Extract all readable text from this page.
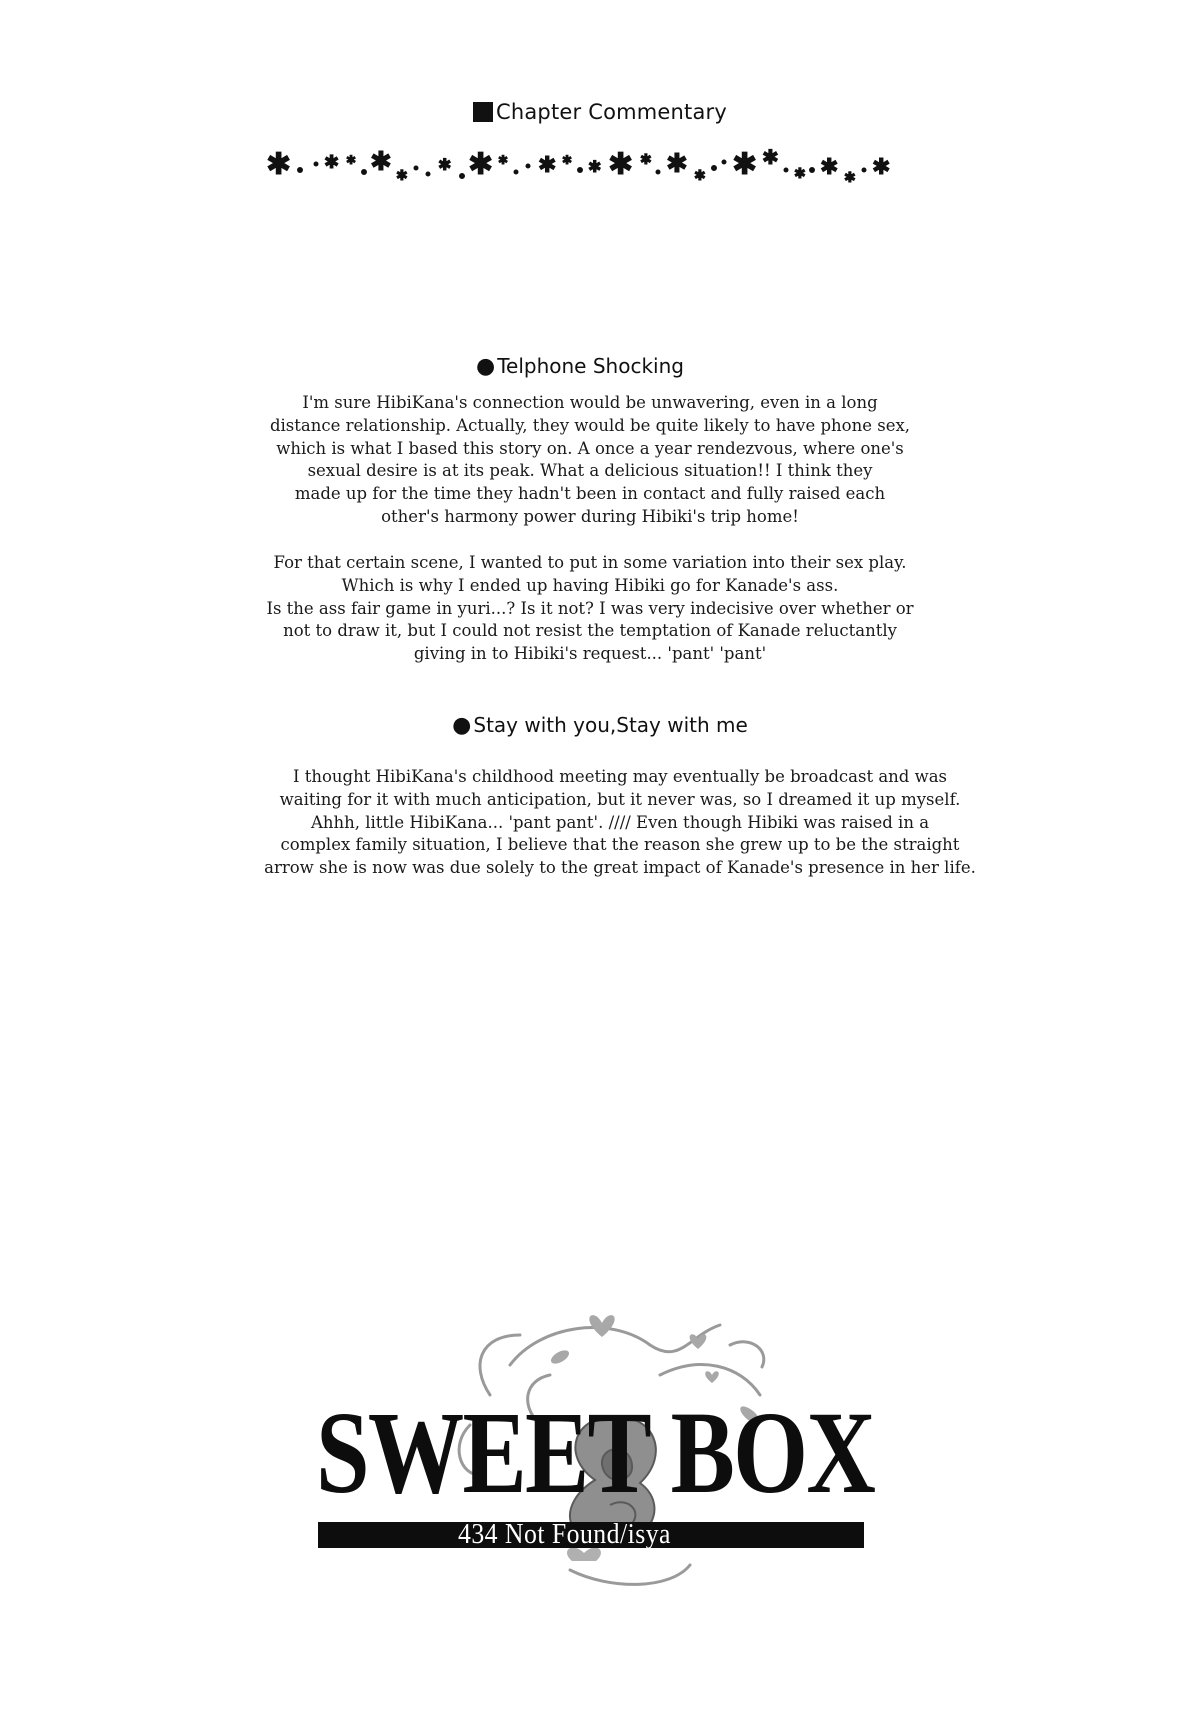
Chapter Commentary
✱ ✱ ✱ ✱ ✱
✱ ✱ ✱ ✱ ✱ ✱ ✱ ✱ ✱ ✱ ✱ ✱
✱ ✱ ✱ ✱
● Telphone Shocking
I'm sure HibiKana's connection would be unwavering, even in a long
distance relationship. Actually, they would be quite likely to have phone sex,
which is what I based this story on. A once a year rendezvous, where one's
sexual desire is at its peak. What a delicious situation!! I think they
made up for the time they hadn't been in contact and fully raised each
other's harmony power during Hibiki's trip home!
For that certain scene, I wanted to put in some variation into their sex play.
Which is why I ended up having Hibiki go for Kanade's ass.
Is the ass fair game in yuri...? Is it not? I was very indecisive over whether or
not to draw it, but I could not resist the temptation of Kanade reluctantly
giving in to Hibiki's request... 'pant' 'pant'
● Stay with you,Stay with me
I thought HibiKana's childhood meeting may eventually be broadcast and was
waiting for it with much anticipation, but it never was, so I dreamed it up myself.
Ahhh, little HibiKana... 'pant pant'. //// Even though Hibiki was raised in a
complex family situation, I believe that the reason she grew up to be the straight
arrow she is now was due solely to the great impact of Kanade's presence in her life.
SWEET BOX
434 Not Found/isya
